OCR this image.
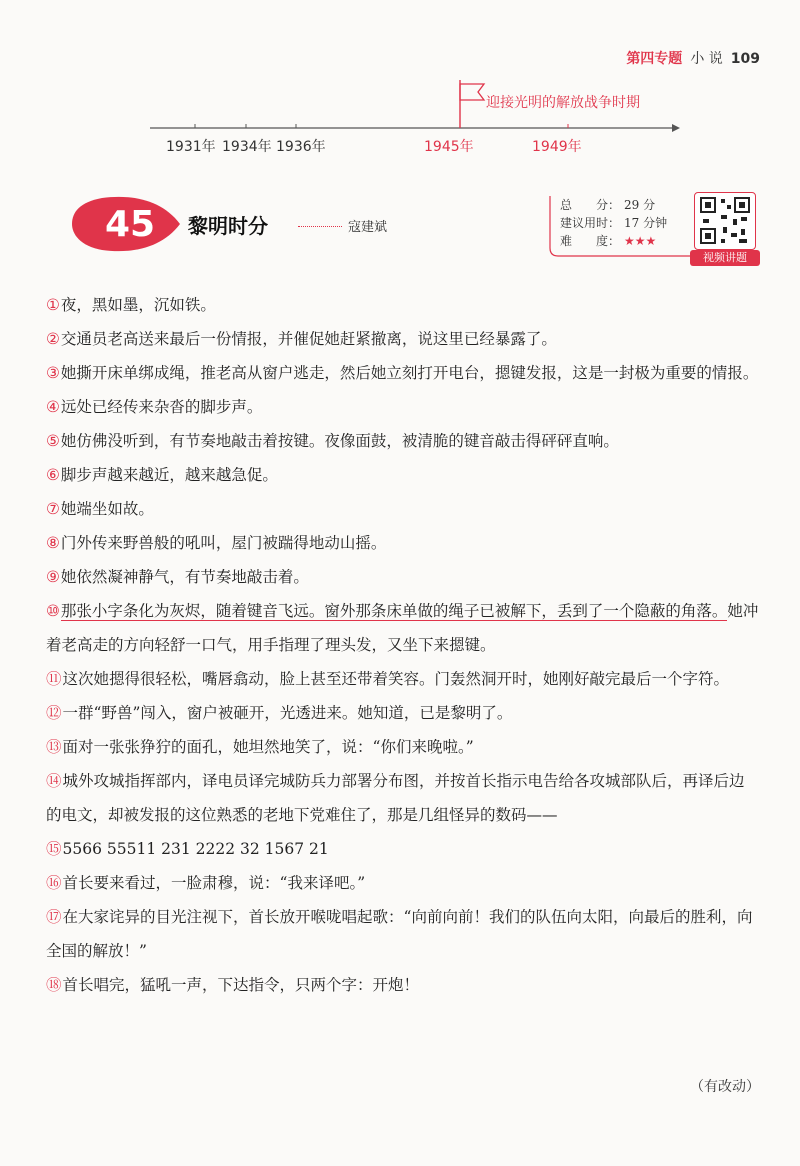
第四专题 小 说 109
迎接光明的解放战争时期
1931年 1934年 1936年	1945年	1949年
45	黎明时分	寇建斌
总　　分： 29 分
建议用时： 17 分钟
难　　度： ★★★
视频讲题

①夜，黑如墨，沉如铁。

②交通员老高送来最后一份情报，并催促她赶紧撤离，说这里已经暴露了。

③她撕开床单绑成绳，推老高从窗户逃走，然后她立刻打开电台，摁键发报，这是一封极为重要的情报。

④远处已经传来杂沓的脚步声。

⑤她仿佛没听到，有节奏地敲击着按键。夜像面鼓，被清脆的键音敲击得砰砰直响。

⑥脚步声越来越近，越来越急促。

⑦她端坐如故。

⑧门外传来野兽般的吼叫，屋门被踹得地动山摇。

⑨她依然凝神静气，有节奏地敲击着。

⑩那张小字条化为灰烬，随着键音飞远。窗外那条床单做的绳子已被解下，丢到了一个隐蔽的角落。她冲着老高走的方向轻舒一口气，用手指理了理头发，又坐下来摁键。

⑪这次她摁得很轻松，嘴唇翕动，脸上甚至还带着笑容。门轰然洞开时，她刚好敲完最后一个字符。

⑫一群“野兽”闯入，窗户被砸开，光透进来。她知道，已是黎明了。

⑬面对一张张狰狞的面孔，她坦然地笑了，说：“你们来晚啦。”

⑭城外攻城指挥部内，译电员译完城防兵力部署分布图，并按首长指示电告给各攻城部队后，再译后边的电文，却被发报的这位熟悉的老地下党难住了，那是几组怪异的数码——

⑮5566 55511 231 2222 32 1567 21

⑯首长要来看过，一脸肃穆，说：“我来译吧。”

⑰在大家诧异的目光注视下，首长放开喉咙唱起歌：“向前向前！我们的队伍向太阳，向最后的胜利，向全国的解放！”

⑱首长唱完，猛吼一声，下达指令，只两个字：开炮！

（有改动）
